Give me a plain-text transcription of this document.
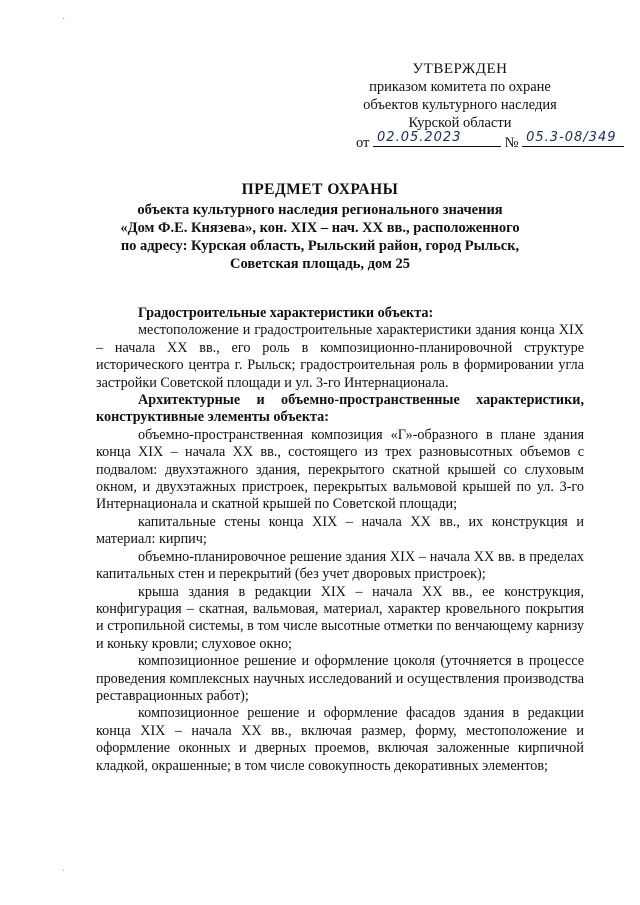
·
·
УТВЕРЖДЕН
приказом комитета по охране
объектов культурного наследия
Курской области
от 02.05.2023	№ 05.3-08/349
ПРЕДМЕТ ОХРАНЫ
объекта культурного наследия регионального значения
«Дом Ф.Е. Князева», кон. XIX – нач. XX вв., расположенного
по адресу: Курская область, Рыльский район, город Рыльск,
Советская площадь, дом 25

Градостроительные характеристики объекта:

местоположение и градостроительные характеристики здания конца XIX – начала XX вв., его роль в композиционно-планировочной структуре исторического центра г. Рыльск; градостроительная роль в формировании угла застройки Советской площади и ул. 3-го Интернационала.

Архитектурные и объемно-пространственные характеристики, конструктивные элементы объекта:

объемно-пространственная композиция «Г»-образного в плане здания конца XIX – начала XX вв., состоящего из трех разновысотных объемов с подвалом: двухэтажного здания, перекрытого скатной крышей со слуховым окном, и двухэтажных пристроек, перекрытых вальмовой крышей по ул. 3-го Интернационала и скатной крышей по Советской площади;

капитальные стены конца XIX – начала XX вв., их конструкция и материал: кирпич;

объемно-планировочное решение здания XIX – начала XX вв. в пределах капитальных стен и перекрытий (без учет дворовых пристроек);

крыша здания в редакции XIX – начала XX вв., ее конструкция, конфигурация – скатная, вальмовая, материал, характер кровельного покрытия и стропильной системы, в том числе высотные отметки по венчающему карнизу и коньку кровли; слуховое окно;

композиционное решение и оформление цоколя (уточняется в процессе проведения комплексных научных исследований и осуществления производства реставрационных работ);

композиционное решение и оформление фасадов здания в редакции конца XIX – начала XX вв., включая размер, форму, местоположение и оформление оконных и дверных проемов, включая заложенные кирпичной кладкой, окрашенные; в том числе совокупность декоративных элементов;
